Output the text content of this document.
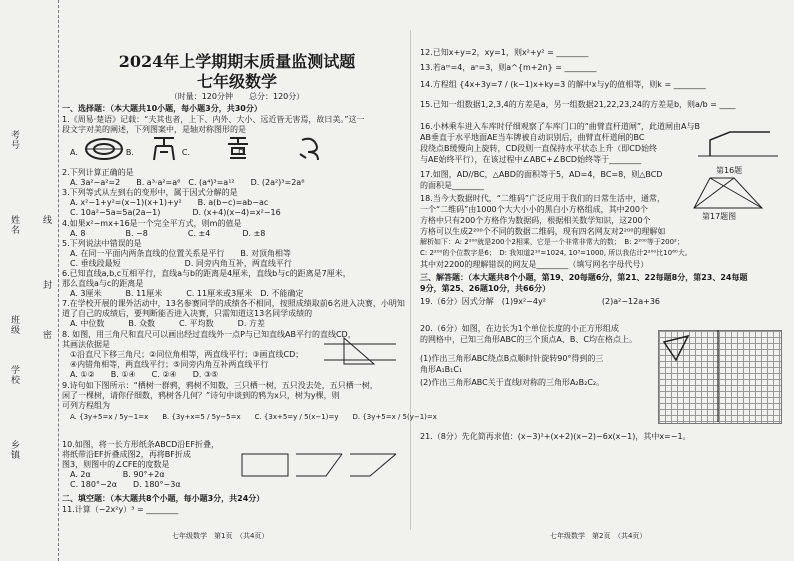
考号
线
姓名
封
班级 密
学校
乡镇
2024年上学期期末质量监测试题
七年级数学
（时量：120分钟　　总分：120分）
一、选择题：（本大题共10小题，每小题3分，共30分）
1.《周易·楚语》记载：“夫其也者，上下、内外、大小、远近皆无害焉，故曰美。”这一
段文字对美的阐述，下列图案中，是轴对称图形的是
A.　　　　　　B.　　　　　　C.　　　　　　D.
2.下列计算正确的是
A. 3a²−a²=2　　B. a³·a²=a⁶　C. (a⁴)³=a¹²　　D. (2a²)³=2a⁶
3.下列等式从左到右的变形中，属于因式分解的是
A. x²−1+y²=(x−1)(x+1)+y²　　B. a(b−c)=ab−ac
C. 10a²−5a=5a(2a−1)　　　　D. (x+4)(x−4)=x²−16
4.如果x²−mx+16是一个完全平方式，则m的值是
A. 8　　　　　B. −8　　　　　C. ±4　　　　D. ±8
5.下列说法中错误的是
A. 在同一平面内两条直线的位置关系是平行　　B. 对顶角相等
C. 垂线段最短　　　　　　　　D. 同旁内角互补，两直线平行
6.已知直线a,b,c互相平行，直线a与b的距离是4厘米，直线b与c的距离是7厘米，
那么直线a与c的距离是
A. 3厘米　　　B. 11厘米　　　C. 11厘米或3厘米　D. 不能确定
7.在学校开展的课外活动中，13名参赛同学的成绩各不相同，按照成绩取前6名进入决赛，小明知
道了自己的成绩后，要判断能否进入决赛，只需知道这13名同学成绩的
A. 中位数　　　B. 众数　　　C. 平均数　　　D. 方差
8. 如图，用三角尺和直尺可以画出经过直线外一点P与已知直线AB平行的直线CD，
其画法依据是
①沿直尺下移三角尺；②同位角相等，两直线平行；③画直线CD；
④内错角相等，两直线平行；⑤同旁内角互补两直线平行
A. ①②　　B. ①④　　C. ②④　　D. ③⑤
9.诗句如下图所示：“栖树一群鸦，鸦树不知数，三只栖一树，五只没去处，五只栖一树，
闲了一棵树，请你仔细数，鸦树各几何？”诗句中谈到的鸦为x只，树为y棵，则
可列方程组为
A. {3y+5=x / 5y−1=x　　B. {3y+x=5 / 5y−5=x　　C. {3x+5=y / 5(x−1)=y　　D. {3y+5=x / 5(y−1)=x
10.如图，将一长方形纸条ABCD沿EF折叠，
将纸带沿EF折叠成图2，再将BF折成
图3，则图中的∠CFE的度数是
A. 2α　　　　B. 90°+2α
C. 180°−2α　　D. 180°−3α
二、填空题：（本大题共8个小题，每小题3分，共24分）
11.计算（−2x²y）³ = ________
七年级数学　第1页　（共4页）
12.已知x+y=2，xy=1，则x²+y² = ________
13.若aᵐ=4，aⁿ=3，则a^{m+2n} = ________
14.方程组 {4x+3y=7 / (k−1)x+ky=3 的解中x与y的值相等，则k = ________
15.已知一组数据1,2,3,4的方差是a，另一组数据21,22,23,24的方差是b，则a/b = ____
16.小林乘车进入车库时仔细观察了车库门口的“曲臂直杆道闸”，此道闸由A与B
AB垂直于水平地面AE当车牌被自动识别后，曲臂直杆道闸的BC
段绕点B缓慢向上旋转，CD段则一直保持水平状态上升（即CD始终
与AE始终平行），在该过程中∠ABC+∠BCD始终等于________
第16题
17.如图，AD//BC，△ABD的面积等于5，AD=4，BC=8，则△BCD
的面积是________
第17题图
18.当今大数据时代，“二维码”广泛应用于我们的日常生活中，通常，
一个“二维码”由1000个大大小小的黑白小方格组成，其中200个
方格中只有200个方格作为数据码，根据相关数学知识，这200个
方格可以生成2²⁰⁰个不同的数据二维码，现有四名网友对2²⁰⁰的理解如
解析如下：A: 2²⁰⁰就是200个2相乘，它是一个非常非常大的数；　B: 2²⁰⁰等于200²；
C: 2²⁰⁰的个位数字是6；　D: 我知道2¹⁰=1024, 10³=1000, 所以我估计2²⁰⁰比10⁶⁰大。
其中对2200的理解错误的网友是________（填写网名字母代号）
三、解答题：（本大题共8个小题，第19、20每题6分，第21、22每题8分，第23、24每题
9分，第25、26题10分，共66分）
19.（6分）因式分解　(1)9x²−4y²　　　　　　　(2)a²−12a+36
20.（6分）如图，在边长为1个单位长度的小正方形组成
的网格中，已知三角形ABC的三个顶点A、B、C均在格点上。
(1)作出三角形ABC绕点B点顺时针旋转90°得到的三
角形A₁B₁C₁
(2)作出三角形ABC关于直线l对称的三角形A₂B₂C₂。
21.（8分）先化简再求值：(x−3)²+(x+2)(x−2)−6x(x−1)，其中x=−1。
七年级数学　第2页　（共4页）
